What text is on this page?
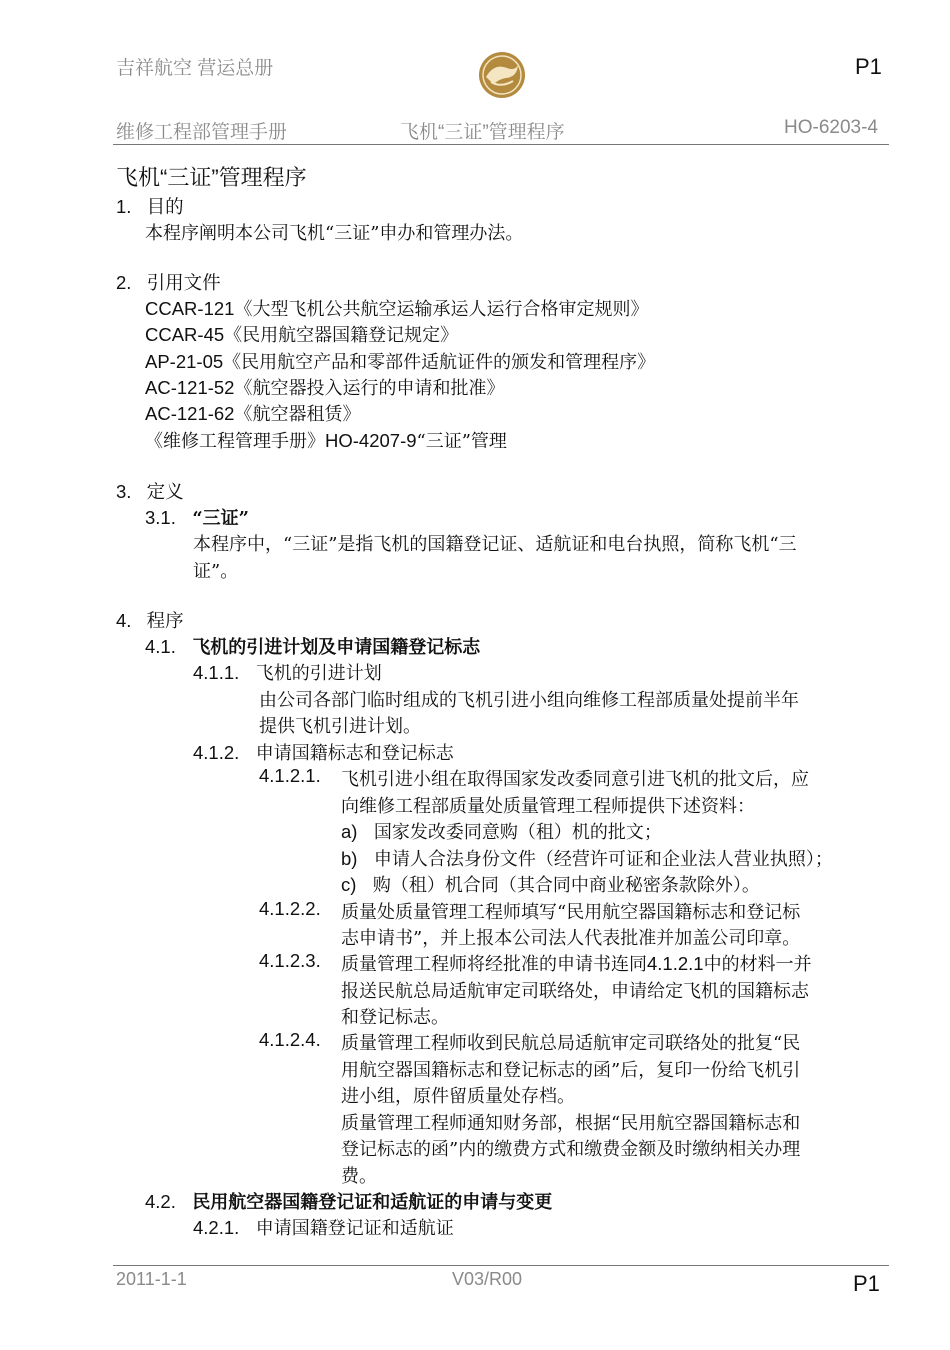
吉祥航空 营运总册	P1
维修工程部管理手册	飞机“三证”管理程序	HO-6203-4
飞机“三证”管理程序
1. 目的
本程序阐明本公司飞机“三证”申办和管理办法。
2. 引用文件
CCAR-121《大型飞机公共航空运输承运人运行合格审定规则》
CCAR-45《民用航空器国籍登记规定》
AP-21-05《民用航空产品和零部件适航证件的颁发和管理程序》
AC-121-52《航空器投入运行的申请和批准》
AC-121-62《航空器租赁》
《维修工程管理手册》HO-4207-9“三证”管理
3. 定义
3.1. “三证”
本程序中，“三证”是指飞机的国籍登记证、适航证和电台执照，简称飞机“三
证”。
4. 程序
4.1. 飞机的引进计划及申请国籍登记标志
4.1.1. 飞机的引进计划
由公司各部门临时组成的飞机引进小组向维修工程部质量处提前半年
提供飞机引进计划。
4.1.2. 申请国籍标志和登记标志
4.1.2.1. 飞机引进小组在取得国家发改委同意引进飞机的批文后，应
向维修工程部质量处质量管理工程师提供下述资料：
a) 国家发改委同意购（租）机的批文；
b) 申请人合法身份文件（经营许可证和企业法人营业执照）；
c) 购（租）机合同（其合同中商业秘密条款除外）。
4.1.2.2. 质量处质量管理工程师填写“民用航空器国籍标志和登记标
志申请书”，并上报本公司法人代表批准并加盖公司印章。
4.1.2.3. 质量管理工程师将经批准的申请书连同4.1.2.1中的材料一并
报送民航总局适航审定司联络处，申请给定飞机的国籍标志
和登记标志。
4.1.2.4. 质量管理工程师收到民航总局适航审定司联络处的批复“民
用航空器国籍标志和登记标志的函”后，复印一份给飞机引
进小组，原件留质量处存档。
质量管理工程师通知财务部，根据“民用航空器国籍标志和
登记标志的函”内的缴费方式和缴费金额及时缴纳相关办理
费。
4.2. 民用航空器国籍登记证和适航证的申请与变更
4.2.1. 申请国籍登记证和适航证
2011-1-1	V03/R00	P1
